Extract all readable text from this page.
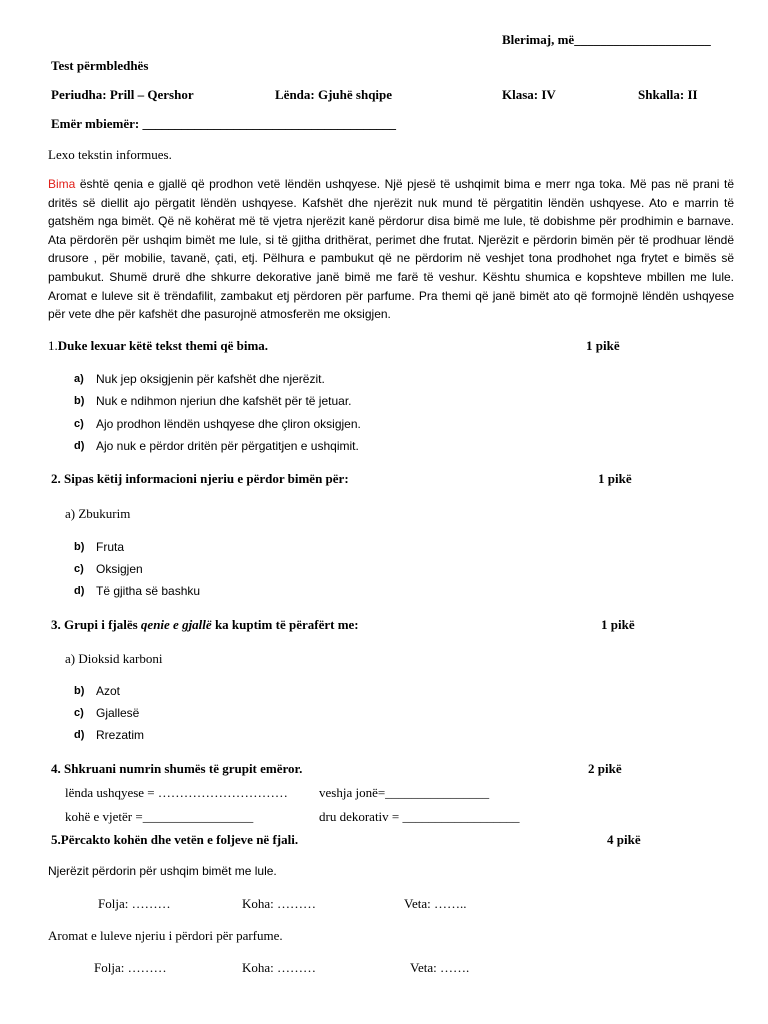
Blerimaj, më_____________________
Test përmbledhës
Periudha: Prill – Qershor	Lënda: Gjuhë shqipe	Klasa: IV	Shkalla: II
Emër mbiemër: _______________________________________
Lexo tekstin informues.
Bima është qenia e gjallë që prodhon vetë lëndën ushqyese. Një pjesë të ushqimit bima e merr nga toka. Më pas në prani të dritës së diellit ajo përgatit lëndën ushqyese. Kafshët dhe njerëzit nuk mund të përgatitin lëndën ushqyese. Ato e marrin të gatshëm nga bimët. Që në kohërat më të vjetra njerëzit kanë përdorur disa bimë me lule, të dobishme për prodhimin e barnave. Ata përdorën për ushqim bimët me lule, si të gjitha drithërat, perimet dhe frutat. Njerëzit e përdorin bimën për të prodhuar lëndë drusore , për mobilie, tavanë, çati, etj. Pëlhura e pambukut që ne përdorim në veshjet tona prodhohet nga frytet e bimës së pambukut. Shumë drurë dhe shkurre dekorative janë bimë me farë të veshur. Kështu shumica e kopshteve mbillen me lule. Aromat e luleve sit ë trëndafilit, zambakut etj përdoren për parfume. Pra themi që janë bimët ato që formojnë lëndën ushqyese për vete dhe për kafshët dhe pasurojnë atmosferën me oksigjen.
1.Duke lexuar këtë tekst themi që bima.	1 pikë
a) Nuk jep oksigjenin për kafshët dhe njerëzit.
b) Nuk e ndihmon njeriun dhe kafshët për të jetuar.
c) Ajo prodhon lëndën ushqyese dhe çliron oksigjen.
d) Ajo nuk e përdor dritën për përgatitjen e ushqimit.
2. Sipas këtij informacioni njeriu e përdor bimën për:	1 pikë
a) Zbukurim
b) Fruta
c) Oksigjen
d) Të gjitha së bashku
3. Grupi i fjalës qenie e gjallë ka kuptim të përafërt me:	1 pikë
a) Dioksid karboni
b) Azot
c) Gjallesë
d) Rrezatim
4. Shkruani numrin shumës të grupit emëror.	2 pikë
lënda ushqyese = ………………………… veshja jonë=________________
kohë e vjetër =_________________	dru dekorativ = __________________
5.Përcakto kohën dhe vetën e foljeve në fjali.	4 pikë
Njerëzit përdorin për ushqim bimët me lule.
Folja: ………	Koha: ………	Veta: ……..
Aromat e luleve njeriu i përdori për parfume.
Folja: ………	Koha: ………	Veta: …….
